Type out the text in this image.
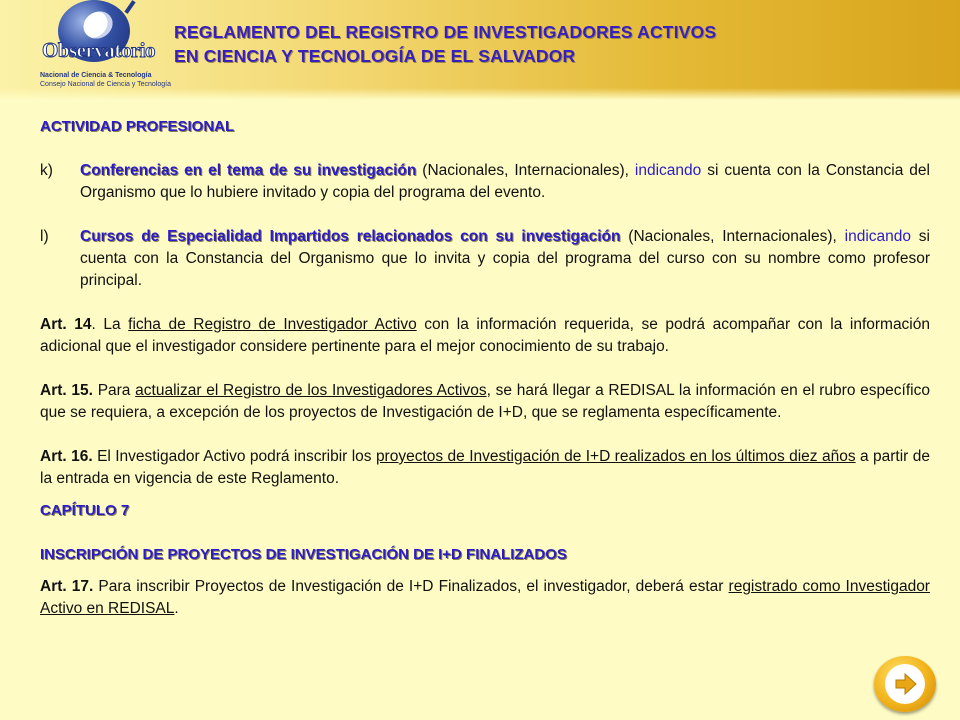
Observatorio
Nacional de Ciencia & Tecnología
Consejo Nacional de Ciencia y Tecnología
REGLAMENTO DEL REGISTRO DE INVESTIGADORES ACTIVOS
EN CIENCIA Y TECNOLOGÍA DE EL SALVADOR
ACTIVIDAD PROFESIONAL
k)	Conferencias en el tema de su investigación (Nacionales, Internacionales), indicando si cuenta con la Constancia del Organismo que lo hubiere invitado y copia del programa del evento.
l)	Cursos de Especialidad Impartidos relacionados con su investigación (Nacionales, Internacionales), indicando si cuenta con la Constancia del Organismo que lo invita y copia del programa del curso con su nombre como profesor principal.

Art. 14. La ficha de Registro de Investigador Activo con la información requerida, se podrá acompañar con la información adicional que el investigador considere pertinente para el mejor conocimiento de su trabajo.

Art. 15. Para actualizar el Registro de los Investigadores Activos, se hará llegar a REDISAL la información en el rubro específico que se requiera, a excepción de los proyectos de Investigación de I+D, que se reglamenta específicamente.

Art. 16. El Investigador Activo podrá inscribir los proyectos de Investigación de I+D realizados en los últimos diez años a partir de la entrada en vigencia de este Reglamento.

CAPÍTULO 7
INSCRIPCIÓN DE PROYECTOS DE INVESTIGACIÓN DE I+D FINALIZADOS

Art. 17. Para inscribir Proyectos de Investigación de I+D Finalizados, el investigador, deberá estar registrado como Investigador Activo en REDISAL.
